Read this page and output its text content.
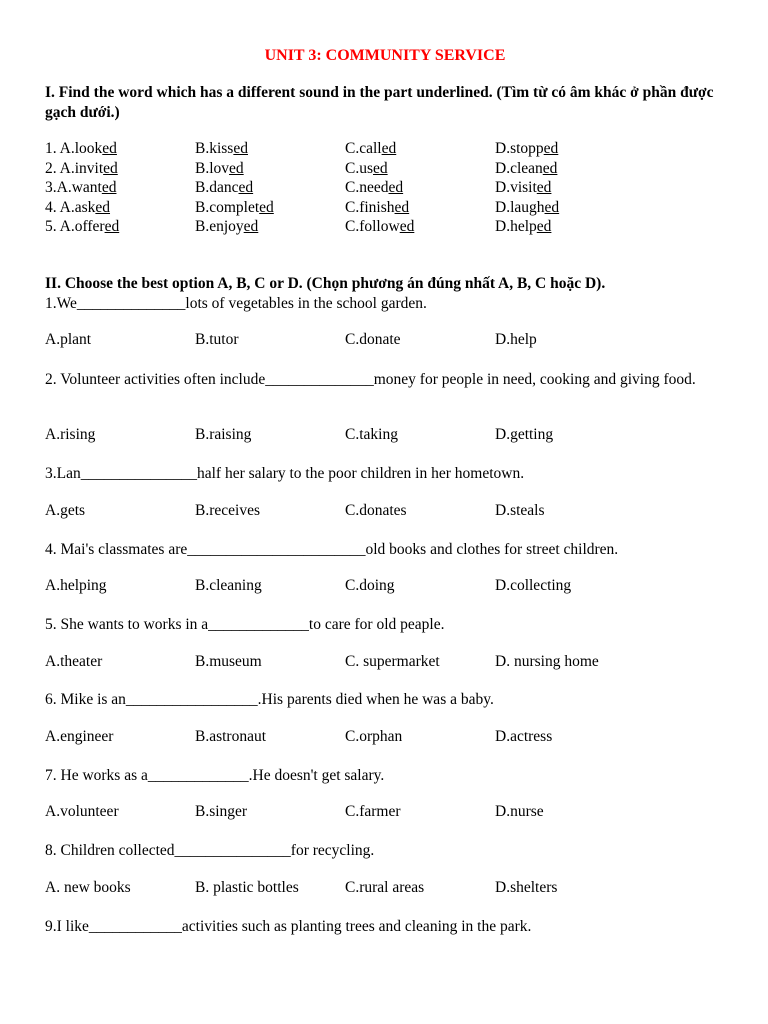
UNIT 3: COMMUNITY SERVICE
I. Find the word which has a different sound in the part underlined. (Tìm từ có âm khác ở phần được gạch dưới.)
1. A.looked	B.kissed	C.called	D.stopped
2. A.invited	B.loved	C.used	D.cleaned
3.A.wanted	B.danced	C.needed	D.visited
4. A.asked	B.completed	C.finished	D.laughed
5. A.offered	B.enjoyed	C.followed	D.helped
II. Choose the best option A, B, C or D. (Chọn phương án đúng nhất A, B, C hoặc D).
1.We______________lots of vegetables in the school garden.
A.plant	B.tutor	C.donate	D.help
2. Volunteer activities often include______________money for people in need, cooking and giving food.
A.rising	B.raising	C.taking	D.getting
3.Lan_______________half her salary to the poor children in her hometown.
A.gets	B.receives	C.donates	D.steals
4. Mai's classmates are_______________________old books and clothes for street children.
A.helping	B.cleaning	C.doing	D.collecting
5. She wants to works in a_____________to care for old peaple.
A.theater	B.museum	C. supermarket	D. nursing home
6. Mike is an_________________.His parents died when he was a baby.
A.engineer	B.astronaut	C.orphan	D.actress
7. He works as a_____________.He doesn't get salary.
A.volunteer	B.singer	C.farmer	D.nurse
8. Children collected_______________for recycling.
A. new books	B. plastic bottles	C.rural areas	D.shelters
9.I like____________activities such as planting trees and cleaning in the park.
